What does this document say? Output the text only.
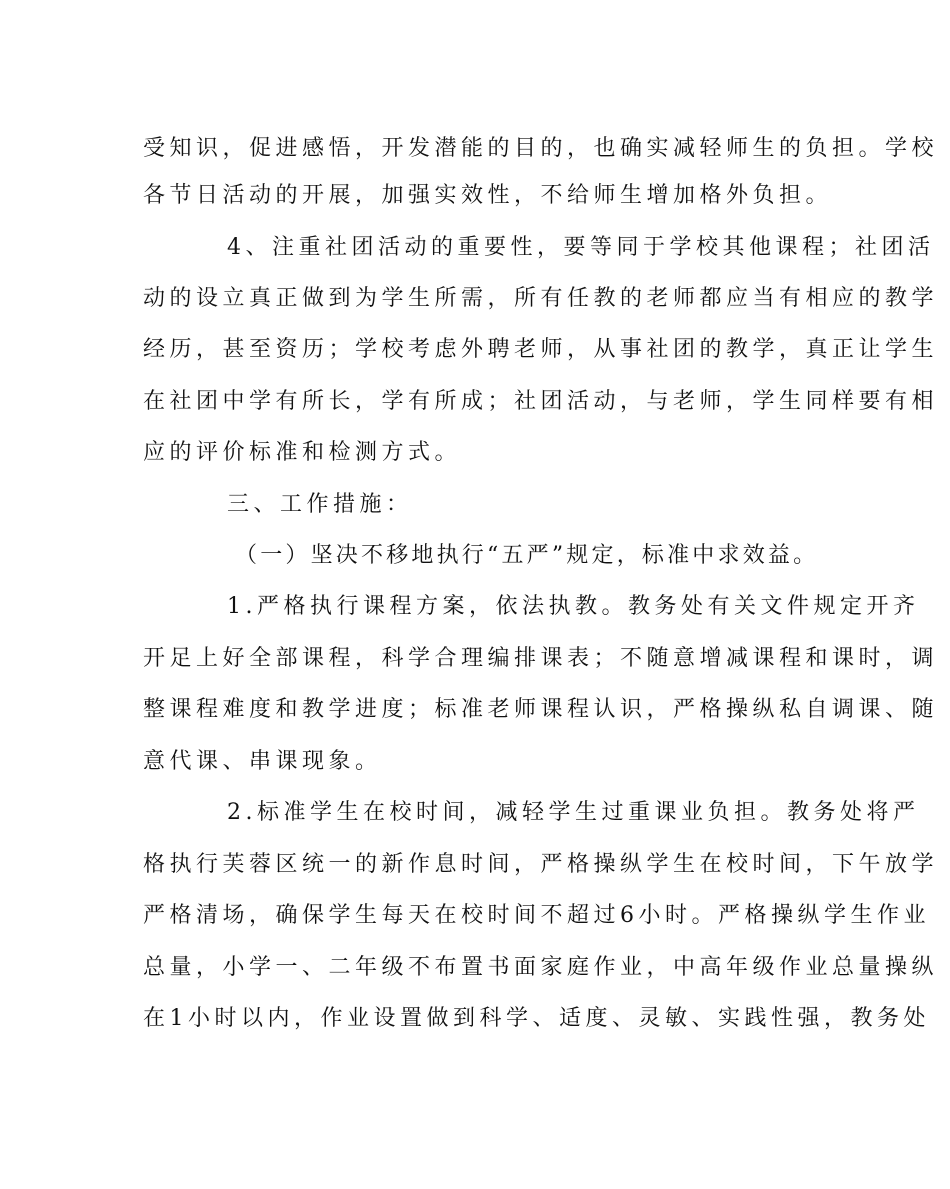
受知识，促进感悟，开发潜能的目的，也确实减轻师生的负担。学校
各节日活动的开展，加强实效性，不给师生增加格外负担。
4、注重社团活动的重要性，要等同于学校其他课程；社团活
动的设立真正做到为学生所需，所有任教的老师都应当有相应的教学
经历，甚至资历；学校考虑外聘老师，从事社团的教学，真正让学生
在社团中学有所长，学有所成；社团活动，与老师，学生同样要有相
应的评价标准和检测方式。
三、工作措施：
（一）坚决不移地执行“五严”规定，标准中求效益。
1.严格执行课程方案，依法执教。教务处有关文件规定开齐
开足上好全部课程，科学合理编排课表；不随意增减课程和课时，调
整课程难度和教学进度；标准老师课程认识，严格操纵私自调课、随
意代课、串课现象。
2.标准学生在校时间，减轻学生过重课业负担。教务处将严
格执行芙蓉区统一的新作息时间，严格操纵学生在校时间，下午放学
严格清场，确保学生每天在校时间不超过6小时。严格操纵学生作业
总量，小学一、二年级不布置书面家庭作业，中高年级作业总量操纵
在1小时以内，作业设置做到科学、适度、灵敏、实践性强，教务处
